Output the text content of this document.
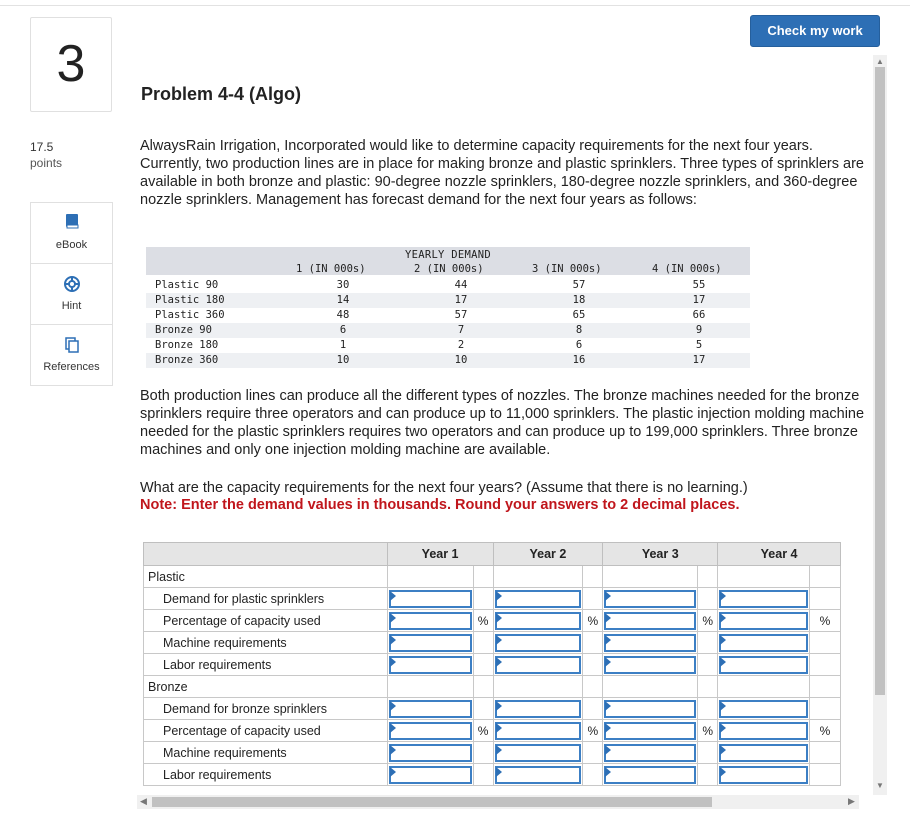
Check my work
3
Problem 4-4 (Algo)
17.5
points
eBook
Hint
References
AlwaysRain Irrigation, Incorporated would like to determine capacity requirements for the next four years. Currently, two production lines are in place for making bronze and plastic sprinklers. Three types of sprinklers are available in both bronze and plastic: 90-degree nozzle sprinklers, 180-degree nozzle sprinklers, and 360-degree nozzle sprinklers. Management has forecast demand for the next four years as follows:
YEARLY DEMAND
1 (IN 000s)	2 (IN 000s)	3 (IN 000s)	4 (IN 000s)
Plastic 90	30	44	57	55
Plastic 180	14	17	18	17
Plastic 360	48	57	65	66
Bronze 90	6	7	8	9
Bronze 180	1	2	6	5
Bronze 360	10	10	16	17
Both production lines can produce all the different types of nozzles. The bronze machines needed for the bronze sprinklers require three operators and can produce up to 11,000 sprinklers. The plastic injection molding machine needed for the plastic sprinklers requires two operators and can produce up to 199,000 sprinklers. Three bronze machines and only one injection molding machine are available.
What are the capacity requirements for the next four years? (Assume that there is no learning.)
Note: Enter the demand values in thousands. Round your answers to 2 decimal places.
	Year 1		Year 2		Year 3		Year 4	
Plastic								
Demand for plastic sprinklers	

Percentage of capacity used		%		%		%		%
Machine requirements	

Labor requirements	

Bronze								
Demand for bronze sprinklers	

Percentage of capacity used		%		%		%		%
Machine requirements	

Labor requirements	

▲
▼
◀	▶
